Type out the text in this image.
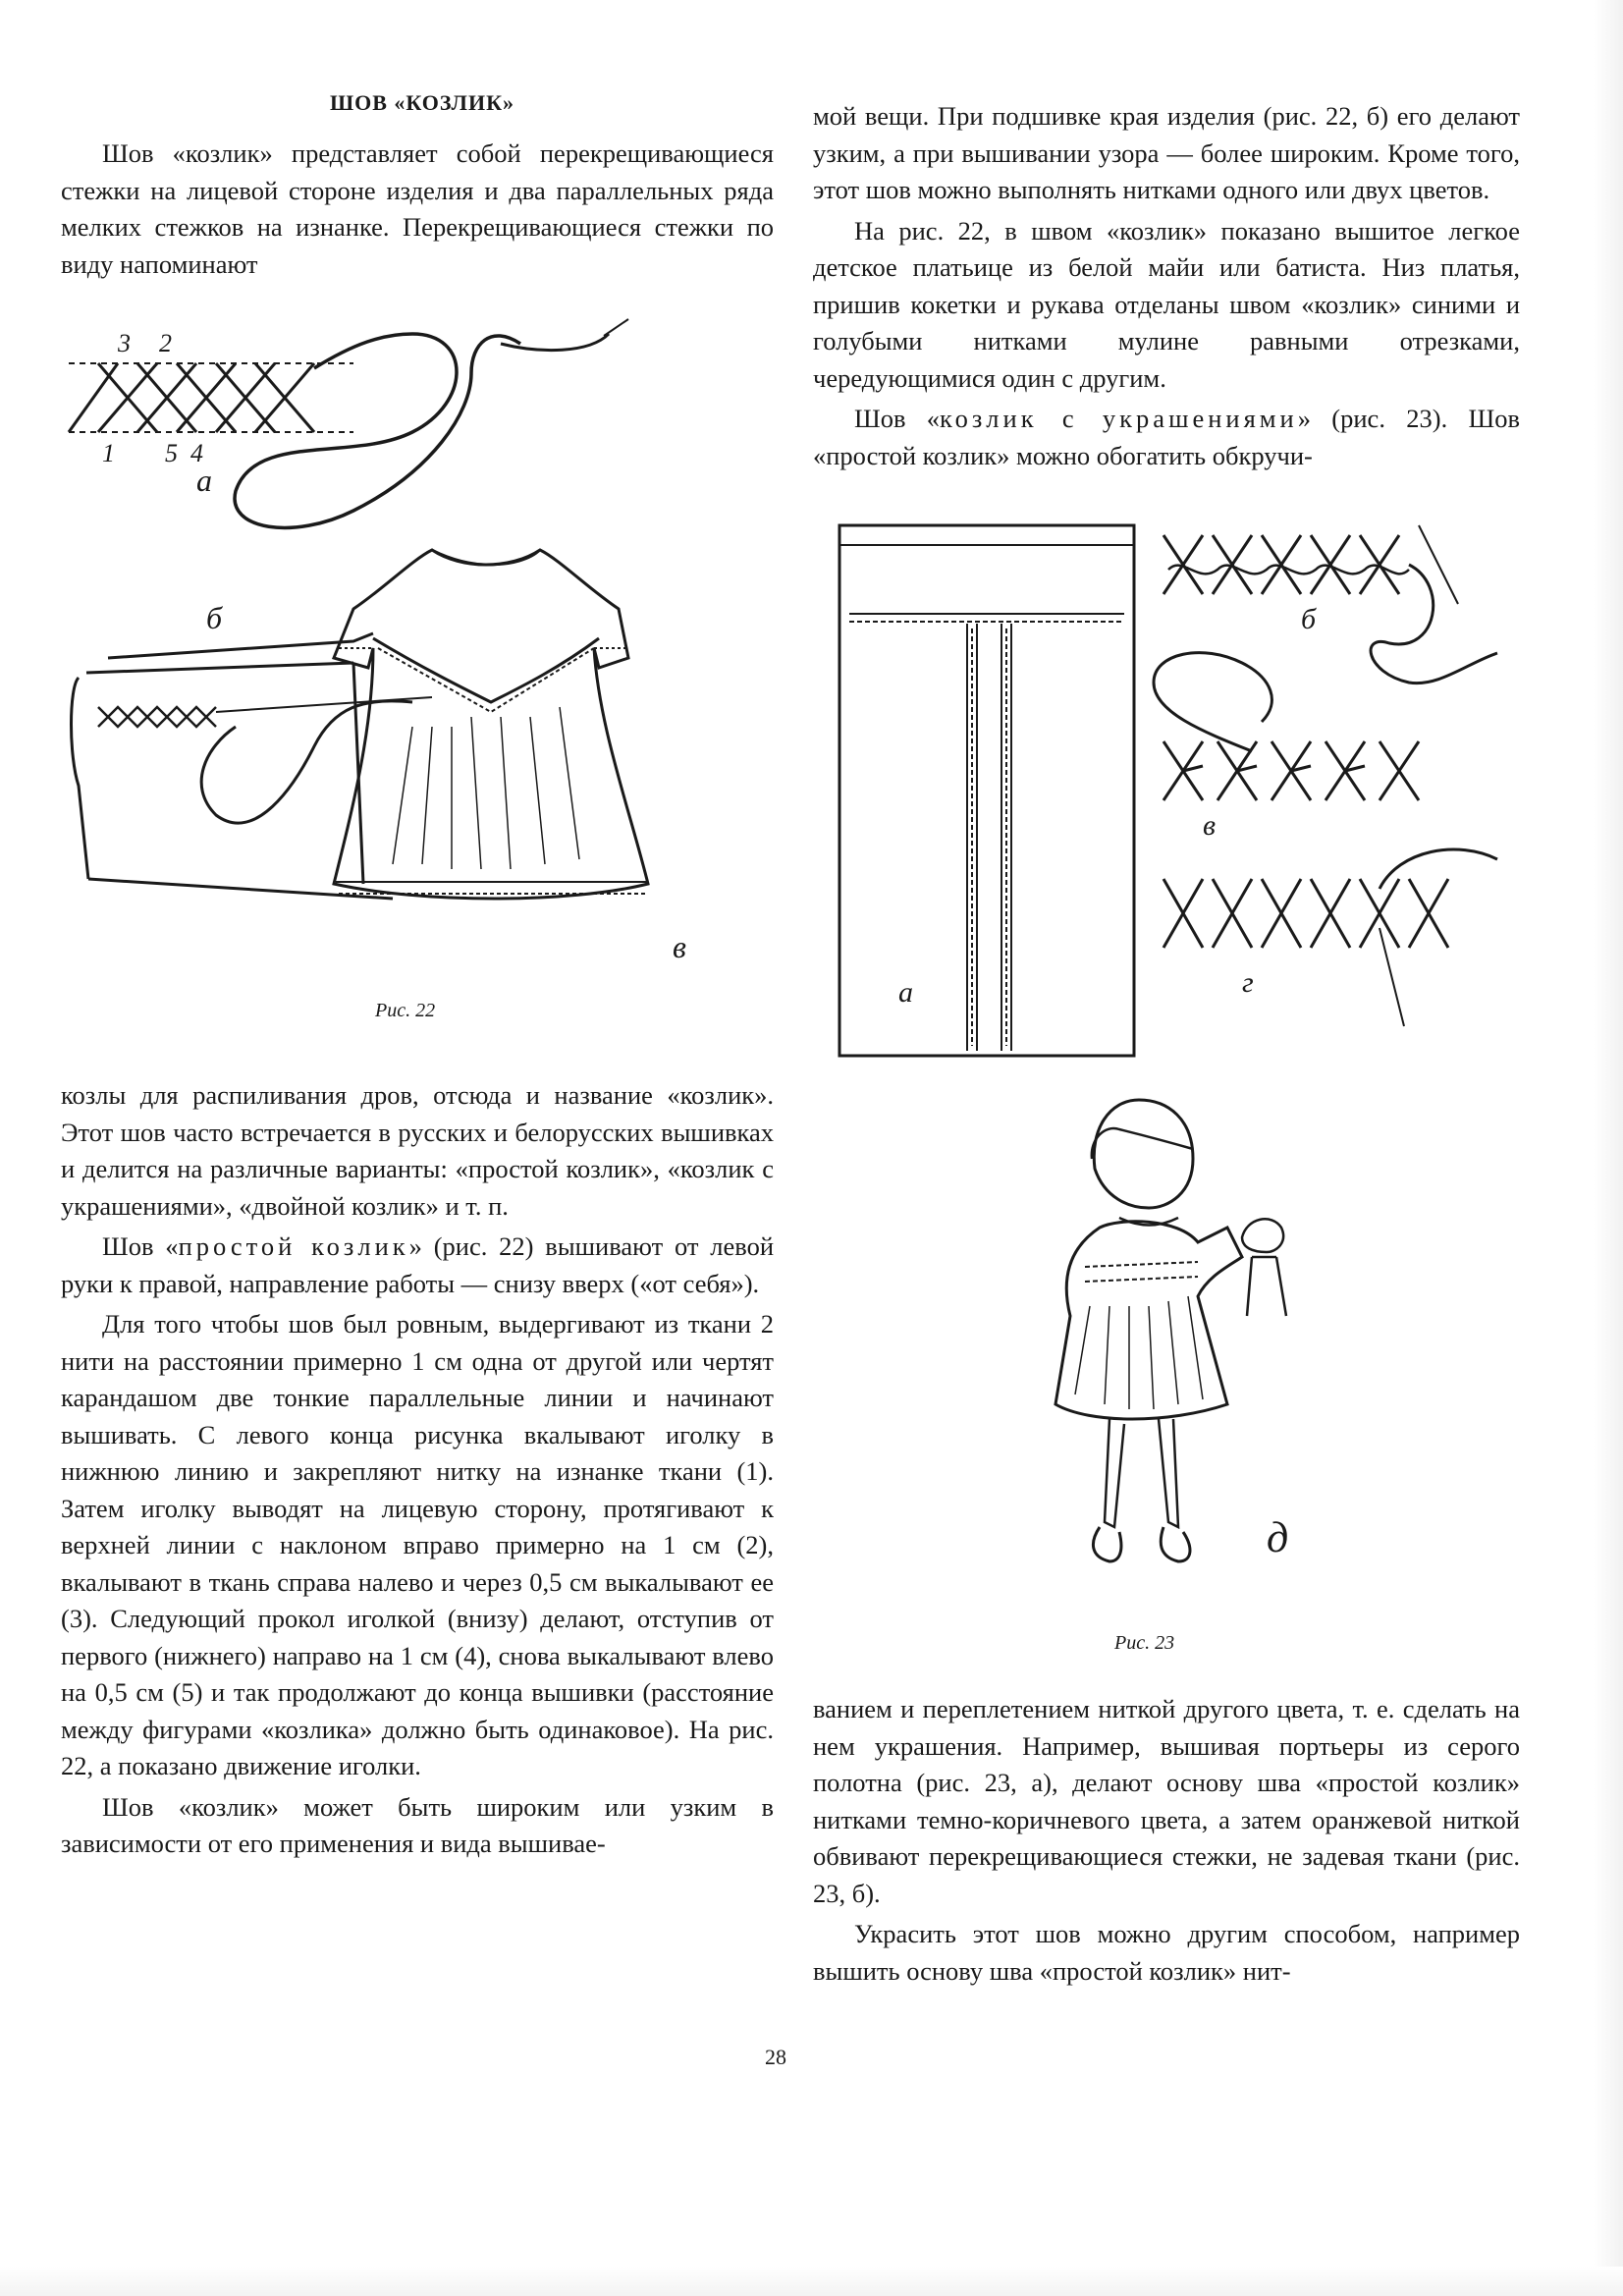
ШОВ «КОЗЛИК»

Шов «козлик» представляет собой перекрещивающиеся стежки на лицевой стороне изделия и два параллельных ряда мелких стежков на изнанке. Перекрещивающиеся стежки по виду напоминают

3 2
1 5 4
а
б
в
Рис. 22

козлы для распиливания дров, отсюда и название «козлик». Этот шов часто встречается в русских и белорусских вышивках и делится на различные варианты: «простой козлик», «козлик с украшениями», «двойной козлик» и т. п.

Шов «простой козлик» (рис. 22) вышивают от левой руки к правой, направление работы — снизу вверх («от себя»).

Для того чтобы шов был ровным, выдергивают из ткани 2 нити на расстоянии примерно 1 см одна от другой или чертят карандашом две тонкие параллельные линии и начинают вышивать. С левого конца рисунка вкалывают иголку в нижнюю линию и закрепляют нитку на изнанке ткани (1). Затем иголку выводят на лицевую сторону, протягивают к верхней линии с наклоном вправо примерно на 1 см (2), вкалывают в ткань справа налево и через 0,5 см выкалывают ее (3). Следующий прокол иголкой (внизу) делают, отступив от первого (нижнего) направо на 1 см (4), снова выкалывают влево на 0,5 см (5) и так продолжают до конца вышивки (расстояние между фигурами «козлика» должно быть одинаковое). На рис. 22, а показано движение иголки.

Шов «козлик» может быть широким или узким в зависимости от его применения и вида вышивае-

мой вещи. При подшивке края изделия (рис. 22, б) его делают узким, а при вышивании узора — более широким. Кроме того, этот шов можно выполнять нитками одного или двух цветов.

На рис. 22, в швом «козлик» показано вышитое легкое детское платьице из белой майи или батиста. Низ платья, пришив кокетки и рукава отделаны швом «козлик» синими и голубыми нитками мулине равными отрезками, чередующимися один с другим.

Шов «козлик с украшениями» (рис. 23). Шов «простой козлик» можно обогатить обкручи-

а
б
в
г
д
Рис. 23

ванием и переплетением ниткой другого цвета, т. е. сделать на нем украшения. Например, вышивая портьеры из серого полотна (рис. 23, а), делают основу шва «простой козлик» нитками темно-коричневого цвета, а затем оранжевой ниткой обвивают перекрещивающиеся стежки, не задевая ткани (рис. 23, б).

Украсить этот шов можно другим способом, например вышить основу шва «простой козлик» нит-

28
